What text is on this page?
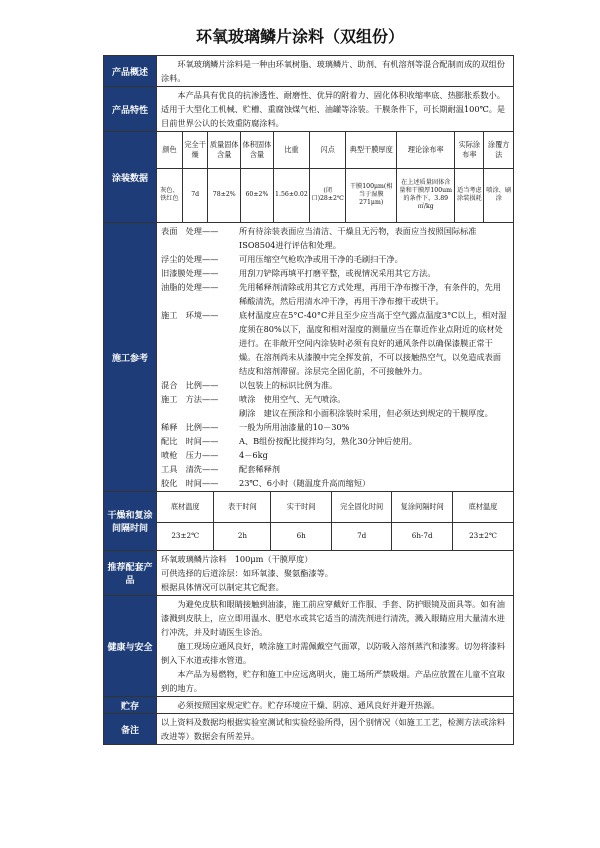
环氧玻璃鳞片涂料（双组份）
产品概述	

环氧玻璃鳞片涂料是一种由环氧树脂、玻璃鳞片、助剂、有机溶剂等混合配制而成的双组份涂料。

产品特性	

本产品具有优良的抗渗透性、耐磨性、优异的附着力、固化体积收缩率底、热膨胀系数小。适用于大型化工机械、贮槽、重腐蚀煤气柜、油罐等涂装。干膜条件下，可长期耐温100℃。是目前世界公认的长效重防腐涂料。

涂装数据	
颜色	完全干燥	质量固体含量	体积固体含量	比重	闪点	典型干膜厚度	理论涂布率	实际涂布率	涂覆方法
灰色、铁红色	7d	78±2%	60±2%	1.56±0.02	(闭口)28±2℃	干膜100μm(相当于湿膜271μm)	在上述质量固体含量和干膜厚100um的条件下，3.89㎡/kg	适当考虑涂装损耗	喷涂、刷涂

施工参考	
表面　处理——	所有待涂装表面应当清洁、干燥且无污物，表面应当按照国际标准 ISO8504进行评估和处理。
浮尘的处理——	可用压缩空气枪吹净或用干净的毛刷扫干净。
旧漆膜处理——	用刮刀铲除再填平打磨平整，或视情况采用其它方法。
油脂的处理——	先用稀释剂清除或用其它方式处理，再用干净布擦干净，有条件的，先用稀酸清洗，然后用清水冲干净，再用干净布擦干或烘干。
施工　环境——	底材温度应在5°C-40°C并且至少应当高于空气露点温度3°C以上，相对湿度须在80%以下，温度和相对湿度的测量应当在靠近作业点附近的底材处进行。在非敞开空间内涂装时必须有良好的通风条件以确保漆膜正常干燥。在溶剂尚未从漆膜中完全挥发前，不可以接触热空气，以免造成表面结皮和溶剂滞留。涂层完全固化前，不可接触外力。
混合　比例——	以包装上的标识比例为准。
施工　方法——	喷涂　使用空气、无气喷涂。
刷涂　建议在预涂和小面积涂装时采用，但必须达到规定的干膜厚度。
稀释　比例——	一般为所用油漆量的10－30%
配比　时间——	A、B组份按配比搅拌均匀，熟化30分钟后使用。
喷枪　压力——	4－6kg
工具　清洗——	配套稀释剂
胶化　时间——	23℃、6小时（随温度升高而缩短）

干燥和复涂间隔时间	
底材温度	表干时间	实干时间	完全固化时间	复涂间隔时间	底材温度
23±2℃	2h	6h	7d	6h-7d	23±2℃

推荐配套产品	

环氧玻璃鳞片涂料　100μm（干膜厚度）

可供选择的后道涂层：如环氧漆、聚氨酯漆等。

根据具体情况可以制定其它配套。

健康与安全	

为避免皮肤和眼睛接触到油漆，施工前应穿戴好工作服、手套、防护眼镜及面具等。如有油漆溅到皮肤上，应立即用温水、肥皂水或其它适当的清洗剂进行清洗，溅入眼睛应用大量清水进行冲洗，并及时请医生诊治。

施工现场应通风良好，喷涂施工时需佩戴空气面罩，以防吸入溶剂蒸汽和漆雾。切勿将漆料倒入下水道或排水管道。

本产品为易燃物，贮存和施工中应远离明火，施工场所严禁吸烟。产品应放置在儿童不宜取到的地方。

贮存	必须按照国家规定贮存。贮存环境应干燥、阴凉、通风良好并避开热源。

备注	

以上资料及数据均根据实验室测试和实验经验所得，因个别情况（如施工工艺，检测方法或涂料改进等）数据会有所差异。
